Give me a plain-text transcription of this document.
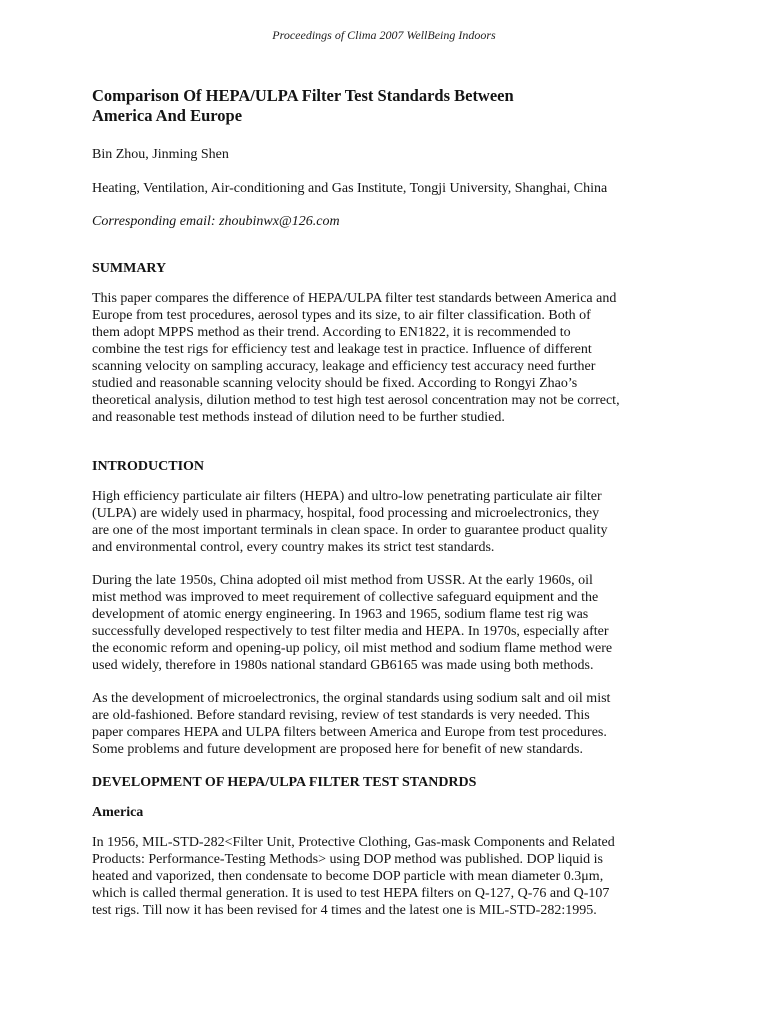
Proceedings of Clima 2007 WellBeing Indoors
Comparison Of HEPA/ULPA Filter Test Standards Between
America And Europe
Bin Zhou, Jinming Shen
Heating, Ventilation, Air-conditioning and Gas Institute, Tongji University, Shanghai, China
Corresponding email: zhoubinwx@126.com
SUMMARY
This paper compares the difference of HEPA/ULPA filter test standards between America and
Europe from test procedures, aerosol types and its size, to air filter classification. Both of
them adopt MPPS method as their trend. According to EN1822, it is recommended to
combine the test rigs for efficiency test and leakage test in practice. Influence of different
scanning velocity on sampling accuracy, leakage and efficiency test accuracy need further
studied and reasonable scanning velocity should be fixed. According to Rongyi Zhao’s
theoretical analysis, dilution method to test high test aerosol concentration may not be correct,
and reasonable test methods instead of dilution need to be further studied.
INTRODUCTION
High efficiency particulate air filters (HEPA) and ultro-low penetrating particulate air filter
(ULPA) are widely used in pharmacy, hospital, food processing and microelectronics, they
are one of the most important terminals in clean space. In order to guarantee product quality
and environmental control, every country makes its strict test standards.
During the late 1950s, China adopted oil mist method from USSR. At the early 1960s, oil
mist method was improved to meet requirement of collective safeguard equipment and the
development of atomic energy engineering. In 1963 and 1965, sodium flame test rig was
successfully developed respectively to test filter media and HEPA. In 1970s, especially after
the economic reform and opening-up policy, oil mist method and sodium flame method were
used widely, therefore in 1980s national standard GB6165 was made using both methods.
As the development of microelectronics, the orginal standards using sodium salt and oil mist
are old-fashioned. Before standard revising, review of test standards is very needed. This
paper compares HEPA and ULPA filters between America and Europe from test procedures.
Some problems and future development are proposed here for benefit of new standards.
DEVELOPMENT OF HEPA/ULPA FILTER TEST STANDRDS
America
In 1956, MIL-STD-282<Filter Unit, Protective Clothing, Gas-mask Components and Related
Products: Performance-Testing Methods> using DOP method was published. DOP liquid is
heated and vaporized, then condensate to become DOP particle with mean diameter 0.3μm,
which is called thermal generation. It is used to test HEPA filters on Q-127, Q-76 and Q-107
test rigs. Till now it has been revised for 4 times and the latest one is MIL-STD-282:1995.
